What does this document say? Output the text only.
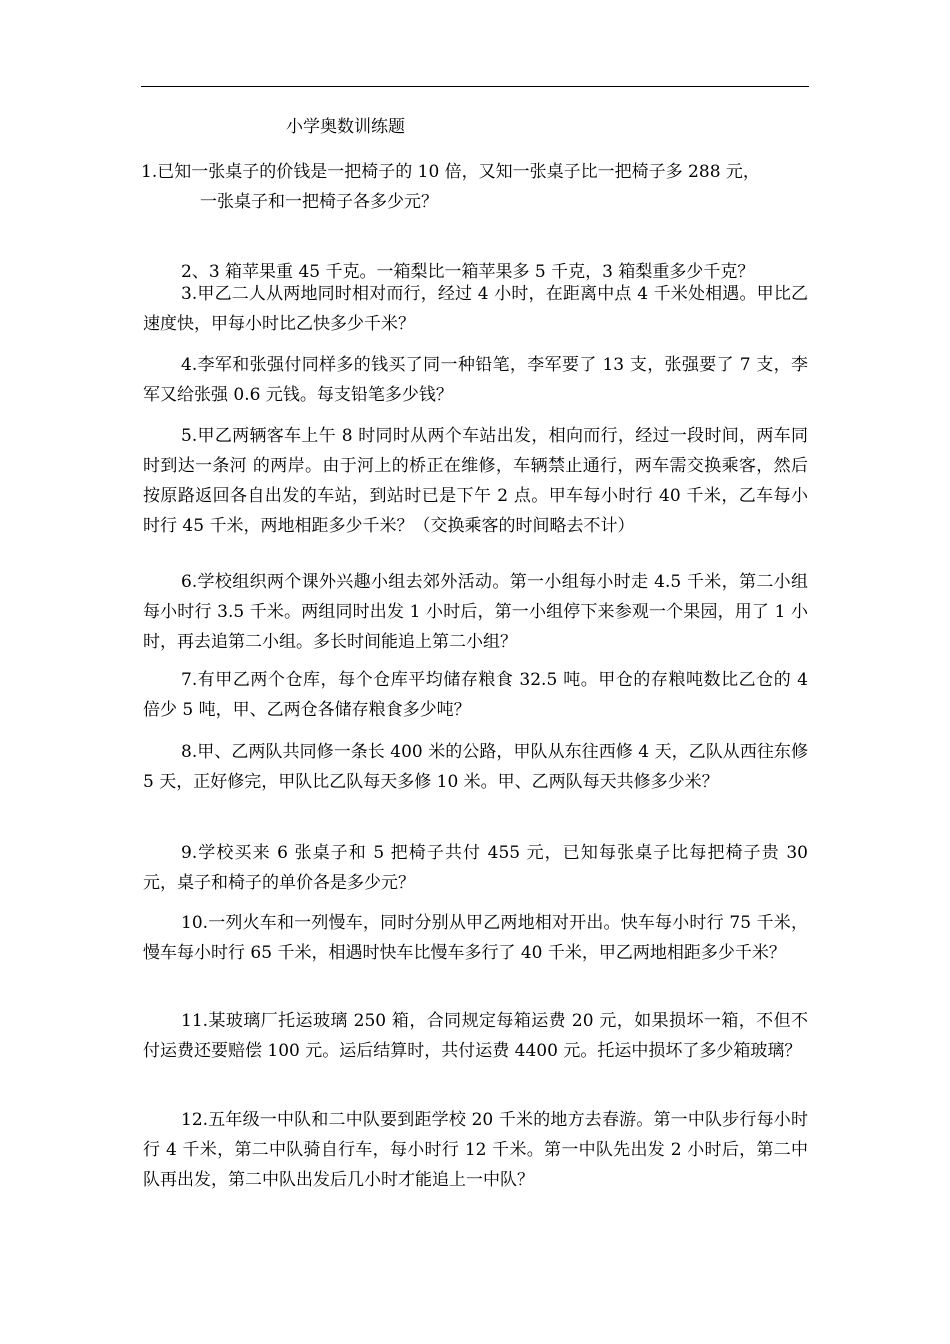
小学奥数训练题

1.已知一张桌子的价钱是一把椅子的 10 倍，又知一张桌子比一把椅子多 288 元，
一张桌子和一把椅子各多少元？

2、3 箱苹果重 45 千克。一箱梨比一箱苹果多 5 千克，3 箱梨重多少千克？

3.甲乙二人从两地同时相对而行，经过 4 小时，在距离中点 4 千米处相遇。甲比乙速度快，甲每小时比乙快多少千米？

4.李军和张强付同样多的钱买了同一种铅笔，李军要了 13 支，张强要了 7 支，李军又给张强 0.6 元钱。每支铅笔多少钱？

5.甲乙两辆客车上午 8 时同时从两个车站出发，相向而行，经过一段时间，两车同时到达一条河 的两岸。由于河上的桥正在维修，车辆禁止通行，两车需交换乘客，然后按原路返回各自出发的车站，到站时已是下午 2 点。甲车每小时行 40 千米，乙车每小时行 45 千米，两地相距多少千米？（交换乘客的时间略去不计）

6.学校组织两个课外兴趣小组去郊外活动。第一小组每小时走 4.5 千米，第二小组每小时行 3.5 千米。两组同时出发 1 小时后，第一小组停下来参观一个果园，用了 1 小时，再去追第二小组。多长时间能追上第二小组？

7.有甲乙两个仓库，每个仓库平均储存粮食 32.5 吨。甲仓的存粮吨数比乙仓的 4 倍少 5 吨，甲、乙两仓各储存粮食多少吨？

8.甲、乙两队共同修一条长 400 米的公路，甲队从东往西修 4 天，乙队从西往东修 5 天，正好修完，甲队比乙队每天多修 10 米。甲、乙两队每天共修多少米？

9.学校买来 6 张桌子和 5 把椅子共付 455 元，已知每张桌子比每把椅子贵 30 元，桌子和椅子的单价各是多少元？

10.一列火车和一列慢车，同时分别从甲乙两地相对开出。快车每小时行 75 千米，慢车每小时行 65 千米，相遇时快车比慢车多行了 40 千米，甲乙两地相距多少千米？

11.某玻璃厂托运玻璃 250 箱，合同规定每箱运费 20 元，如果损坏一箱，不但不付运费还要赔偿 100 元。运后结算时，共付运费 4400 元。托运中损坏了多少箱玻璃？

12.五年级一中队和二中队要到距学校 20 千米的地方去春游。第一中队步行每小时行 4 千米，第二中队骑自行车，每小时行 12 千米。第一中队先出发 2 小时后，第二中队再出发，第二中队出发后几小时才能追上一中队？
